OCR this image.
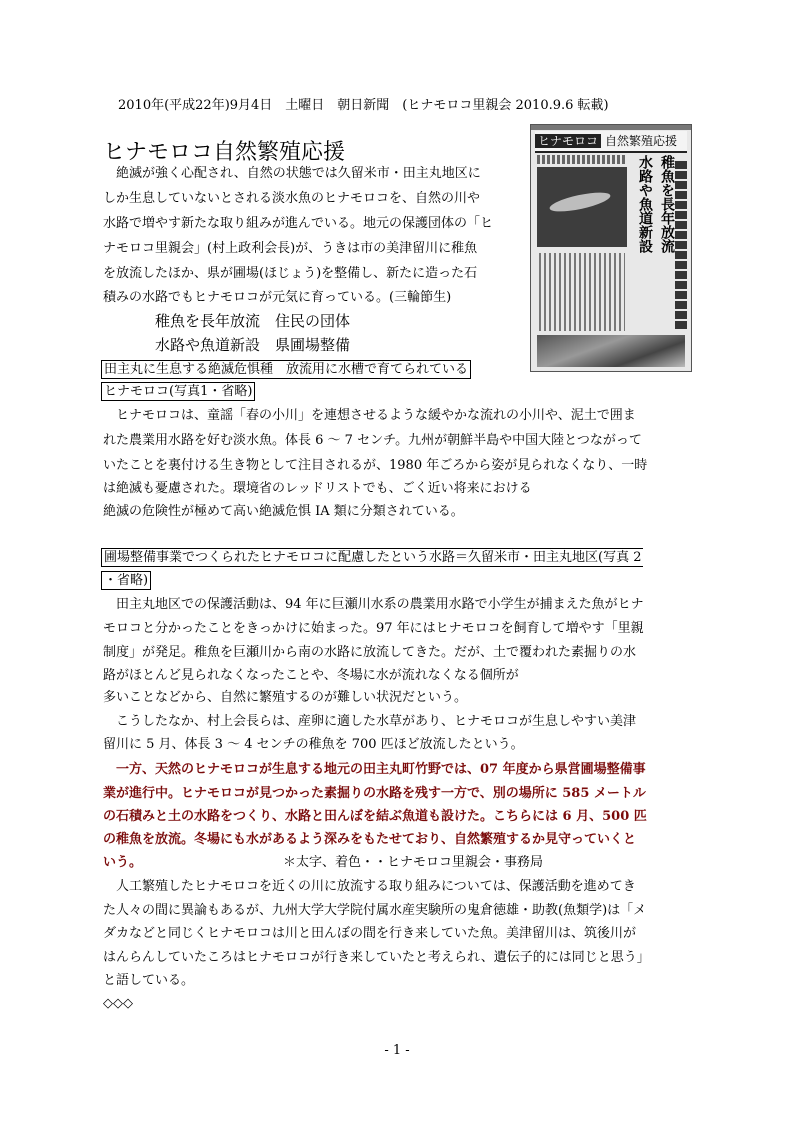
2010年(平成22年)9月4日　土曜日　朝日新聞　(ヒナモロコ里親会 2010.9.6 転載)
ヒナモロコ自然繁殖応援
　絶滅が強く心配され、自然の状態では久留米市・田主丸地区に
しか生息していないとされる淡水魚のヒナモロコを、自然の川や
水路で増やす新たな取り組みが進んでいる。地元の保護団体の「ヒ
ナモロコ里親会」(村上政利会長)が、うきは市の美津留川に稚魚
を放流したほか、県が圃場(ほじょう)を整備し、新たに造った石
積みの水路でもヒナモロコが元気に育っている。(三輪節生)
稚魚を長年放流　住民の団体
水路や魚道新設　県圃場整備
田主丸に生息する絶滅危惧種　放流用に水槽で育てられている
ヒナモロコ(写真1・省略)
　ヒナモロコは、童謡「春の小川」を連想させるような緩やかな流れの小川や、泥土で囲ま
れた農業用水路を好む淡水魚。体長 6 ～ 7 センチ。九州が朝鮮半島や中国大陸とつながって
いたことを裏付ける生き物として注目されるが、1980 年ごろから姿が見られなくなり、一時
は絶滅も憂慮された。環境省のレッドリストでも、ごく近い将来における
絶滅の危険性が極めて高い絶滅危惧 IA 類に分類されている。
圃場整備事業でつくられたヒナモロコに配慮したという水路＝久留米市・田主丸地区(写真 2
・省略)
　田主丸地区での保護活動は、94 年に巨瀬川水系の農業用水路で小学生が捕まえた魚がヒナ
モロコと分かったことをきっかけに始まった。97 年にはヒナモロコを飼育して増やす「里親
制度」が発足。稚魚を巨瀬川から南の水路に放流してきた。だが、土で覆われた素掘りの水
路がほとんど見られなくなったことや、冬場に水が流れなくなる個所が
多いことなどから、自然に繁殖するのが難しい状況だという。
　こうしたなか、村上会長らは、産卵に適した水草があり、ヒナモロコが生息しやすい美津
留川に 5 月、体長 3 ～ 4 センチの稚魚を 700 匹ほど放流したという。
　一方、天然のヒナモロコが生息する地元の田主丸町竹野では、07 年度から県営圃場整備事
業が進行中。ヒナモロコが見つかった素掘りの水路を残す一方で、別の場所に 585 メートル
の石積みと土の水路をつくり、水路と田んぼを結ぶ魚道も設けた。こちらには 6 月、500 匹
の稚魚を放流。冬場にも水があるよう深みをもたせており、自然繁殖するか見守っていくと
いう。	＊太字、着色・・ヒナモロコ里親会・事務局
　人工繁殖したヒナモロコを近くの川に放流する取り組みについては、保護活動を進めてき
た人々の間に異論もあるが、九州大学大学院付属水産実験所の鬼倉徳雄・助教(魚類学)は「メ
ダカなどと同じくヒナモロコは川と田んぼの間を行き来していた魚。美津留川は、筑後川が
はんらんしていたころはヒナモロコが行き来していたと考えられ、遺伝子的には同じと思う」
と語している。
◇◇◇
- 1 -
ヒナモロコ 自然繁殖応援
稚魚を長年放流
水路や魚道新設
